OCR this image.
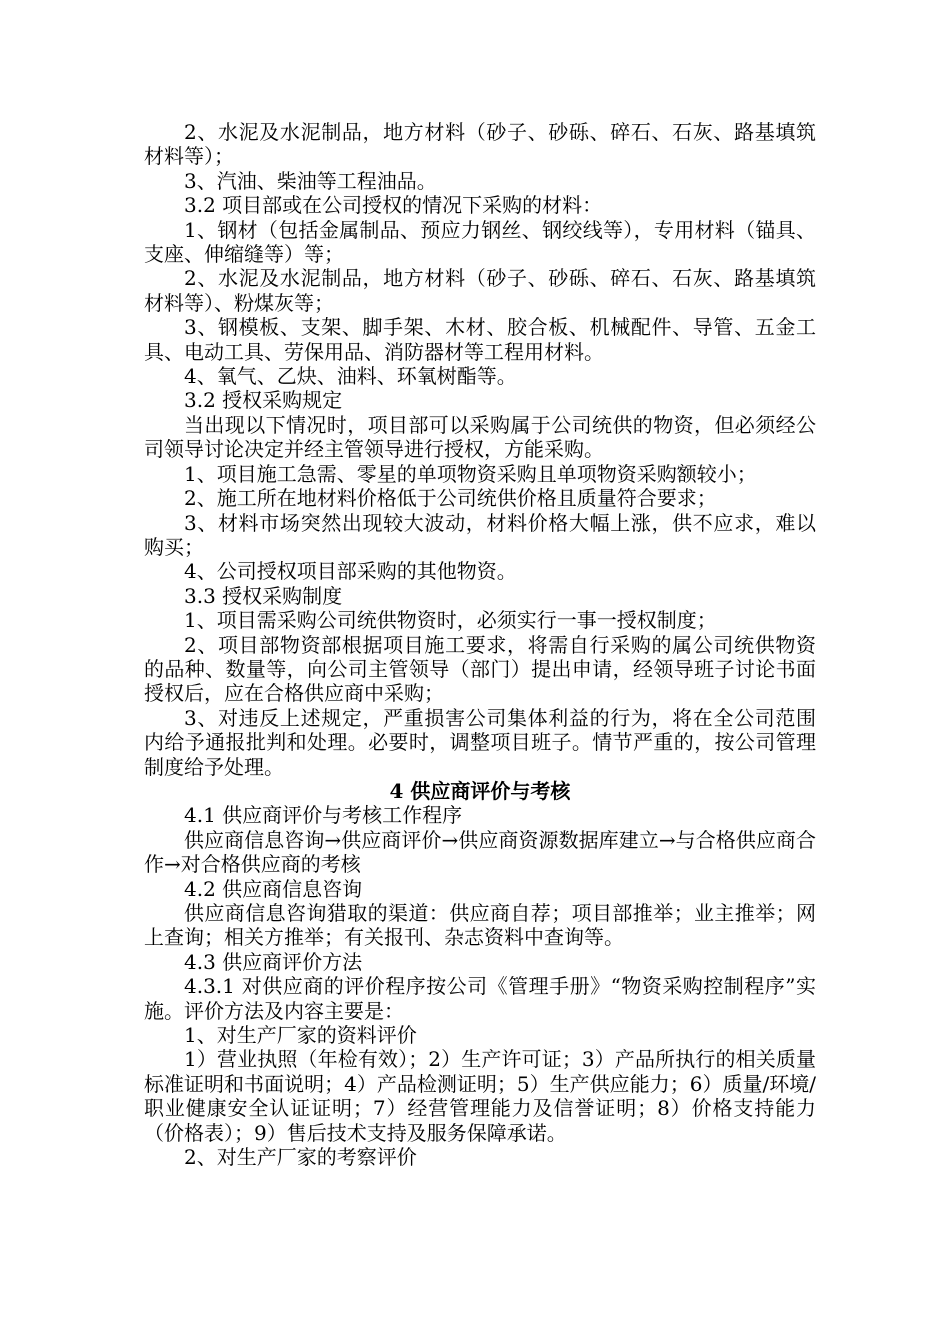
2、水泥及水泥制品，地方材料（砂子、砂砾、碎石、石灰、路基填筑材料等）；

3、汽油、柴油等工程油品。

3.2 项目部或在公司授权的情况下采购的材料：

1、钢材（包括金属制品、预应力钢丝、钢绞线等），专用材料（锚具、支座、伸缩缝等）等；

2、水泥及水泥制品，地方材料（砂子、砂砾、碎石、石灰、路基填筑材料等）、粉煤灰等；

3、钢模板、支架、脚手架、木材、胶合板、机械配件、导管、五金工具、电动工具、劳保用品、消防器材等工程用材料。

4、氧气、乙炔、油料、环氧树酯等。

3.2 授权采购规定

当出现以下情况时，项目部可以采购属于公司统供的物资，但必须经公司领导讨论决定并经主管领导进行授权，方能采购。

1、项目施工急需、零星的单项物资采购且单项物资采购额较小；

2、施工所在地材料价格低于公司统供价格且质量符合要求；

3、材料市场突然出现较大波动，材料价格大幅上涨，供不应求，难以购买；

4、公司授权项目部采购的其他物资。

3.3 授权采购制度

1、项目需采购公司统供物资时，必须实行一事一授权制度；

2、项目部物资部根据项目施工要求，将需自行采购的属公司统供物资的品种、数量等，向公司主管领导（部门）提出申请，经领导班子讨论书面授权后，应在合格供应商中采购；

3、对违反上述规定，严重损害公司集体利益的行为，将在全公司范围内给予通报批判和处理。必要时，调整项目班子。情节严重的，按公司管理制度给予处理。

4 供应商评价与考核

4.1 供应商评价与考核工作程序

供应商信息咨询→供应商评价→供应商资源数据库建立→与合格供应商合作→对合格供应商的考核

4.2 供应商信息咨询

供应商信息咨询猎取的渠道：供应商自荐；项目部推举；业主推举；网上查询；相关方推举；有关报刊、杂志资料中查询等。

4.3 供应商评价方法

4.3.1 对供应商的评价程序按公司《管理手册》“物资采购控制程序”实施。评价方法及内容主要是：

1、对生产厂家的资料评价

1）营业执照（年检有效）；2）生产许可证；3）产品所执行的相关质量标准证明和书面说明；4）产品检测证明；5）生产供应能力；6）质量/环境/职业健康安全认证证明；7）经营管理能力及信誉证明；8）价格支持能力（价格表）；9）售后技术支持及服务保障承诺。

2、对生产厂家的考察评价
